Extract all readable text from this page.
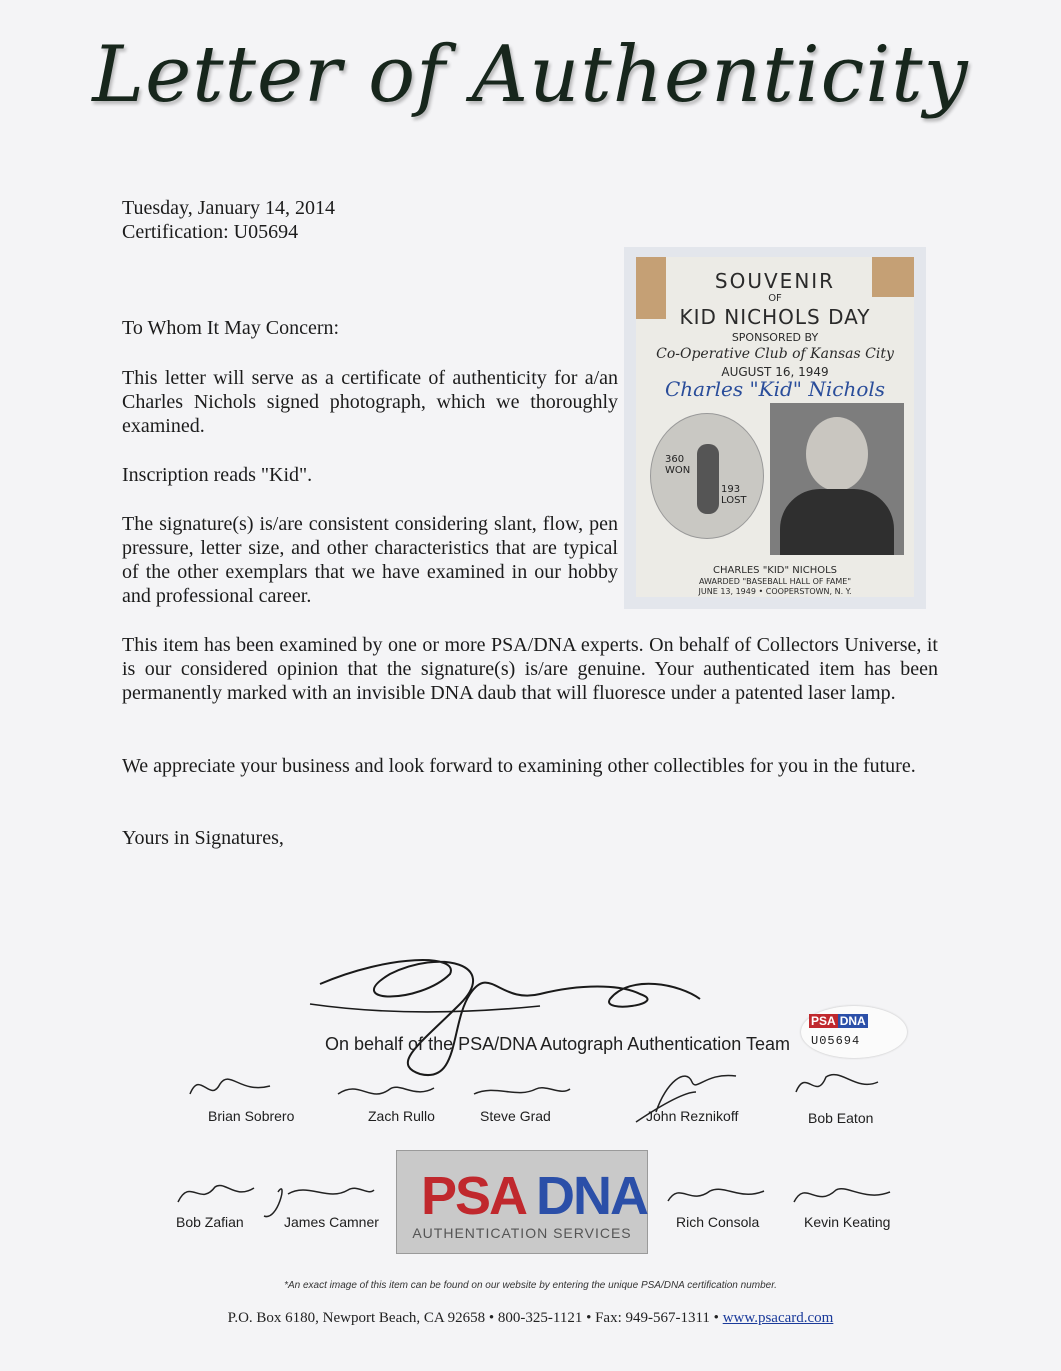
Letter of Authenticity
Tuesday, January 14, 2014
Certification: U05694
To Whom It May Concern:
This letter will serve as a certificate of authenticity for a/an Charles Nichols signed photograph, which we thoroughly examined.
Inscription reads "Kid".
The signature(s) is/are consistent considering slant, flow, pen pressure, letter size, and other characteristics that are typical of the other exemplars that we have examined in our hobby and professional career.
This item has been examined by one or more PSA/DNA experts. On behalf of Collectors Universe, it is our considered opinion that the signature(s) is/are genuine. Your authenticated item has been permanently marked with an invisible DNA daub that will fluoresce under a patented laser lamp.
We appreciate your business and look forward to examining other collectibles for you in the future.
Yours in Signatures,
SOUVENIR
OF
KID NICHOLS DAY
SPONSORED BY
Co-Operative Club of Kansas City
AUGUST 16, 1949
Charles "Kid" Nichols
360 WON
193 LOST
CHARLES "KID" NICHOLS
AWARDED "BASEBALL HALL OF FAME"
JUNE 13, 1949 • COOPERSTOWN, N. Y.
On behalf of the PSA/DNA Autograph Authentication Team
PSA DNA
U05694
Brian Sobrero	Zach Rullo	Steve Grad	John Reznikoff	Bob Eaton
Bob Zafian	James Camner	Rich Consola	Kevin Keating
PSA DNA
AUTHENTICATION SERVICES
*An exact image of this item can be found on our website by entering the unique PSA/DNA certification number.
P.O. Box 6180, Newport Beach, CA 92658 • 800-325-1121 • Fax: 949-567-1311 • www.psacard.com
